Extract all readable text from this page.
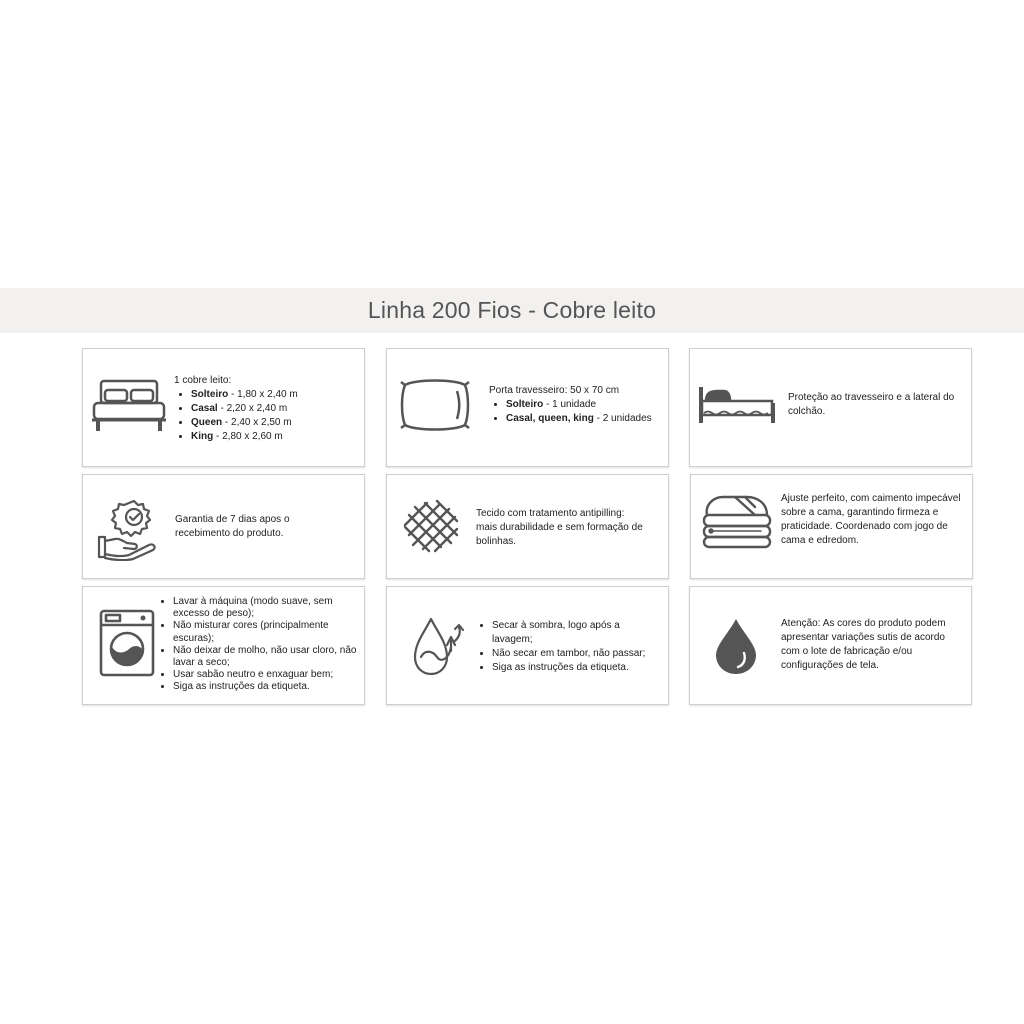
Linha 200 Fios - Cobre leito
1 cobre leito:
• Solteiro - 1,80 x 2,40 m
• Casal - 2,20 x 2,40 m
• Queen - 2,40 x 2,50 m
• King - 2,80 x 2,60 m
Porta travesseiro: 50 x 70 cm
• Solteiro - 1 unidade
• Casal, queen, king - 2 unidades
Proteção ao travesseiro e a lateral do colchão.
Garantia de 7 dias apos o recebimento do produto.
Tecido com tratamento antipilling: mais durabilidade e sem formação de bolinhas.
Ajuste perfeito, com caimento impecável sobre a cama, garantindo firmeza e praticidade. Coordenado com jogo de cama e edredom.
• Lavar à máquina (modo suave, sem excesso de peso);
• Não misturar cores (principalmente escuras);
• Não deixar de molho, não usar cloro, não lavar a seco;
• Usar sabão neutro e enxaguar bem;
• Siga as instruções da etiqueta.
• Secar à sombra, logo após a lavagem;
• Não secar em tambor, não passar;
• Siga as instruções da etiqueta.
Atenção: As cores do produto podem apresentar variações sutis de acordo com o lote de fabricação e/ou configurações de tela.
